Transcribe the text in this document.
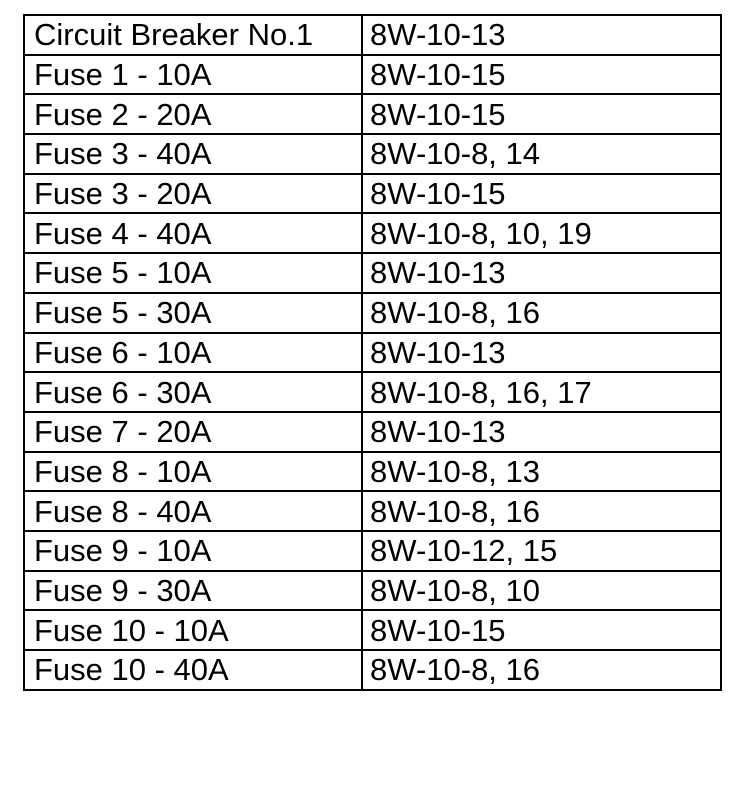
Circuit Breaker No.1	8W-10-13
Fuse 1 - 10A	8W-10-15
Fuse 2 - 20A	8W-10-15
Fuse 3 - 40A	8W-10-8, 14
Fuse 3 - 20A	8W-10-15
Fuse 4 - 40A	8W-10-8, 10, 19
Fuse 5 - 10A	8W-10-13
Fuse 5 - 30A	8W-10-8, 16
Fuse 6 - 10A	8W-10-13
Fuse 6 - 30A	8W-10-8, 16, 17
Fuse 7 - 20A	8W-10-13
Fuse 8 - 10A	8W-10-8, 13
Fuse 8 - 40A	8W-10-8, 16
Fuse 9 - 10A	8W-10-12, 15
Fuse 9 - 30A	8W-10-8, 10
Fuse 10 - 10A	8W-10-15
Fuse 10 - 40A	8W-10-8, 16
